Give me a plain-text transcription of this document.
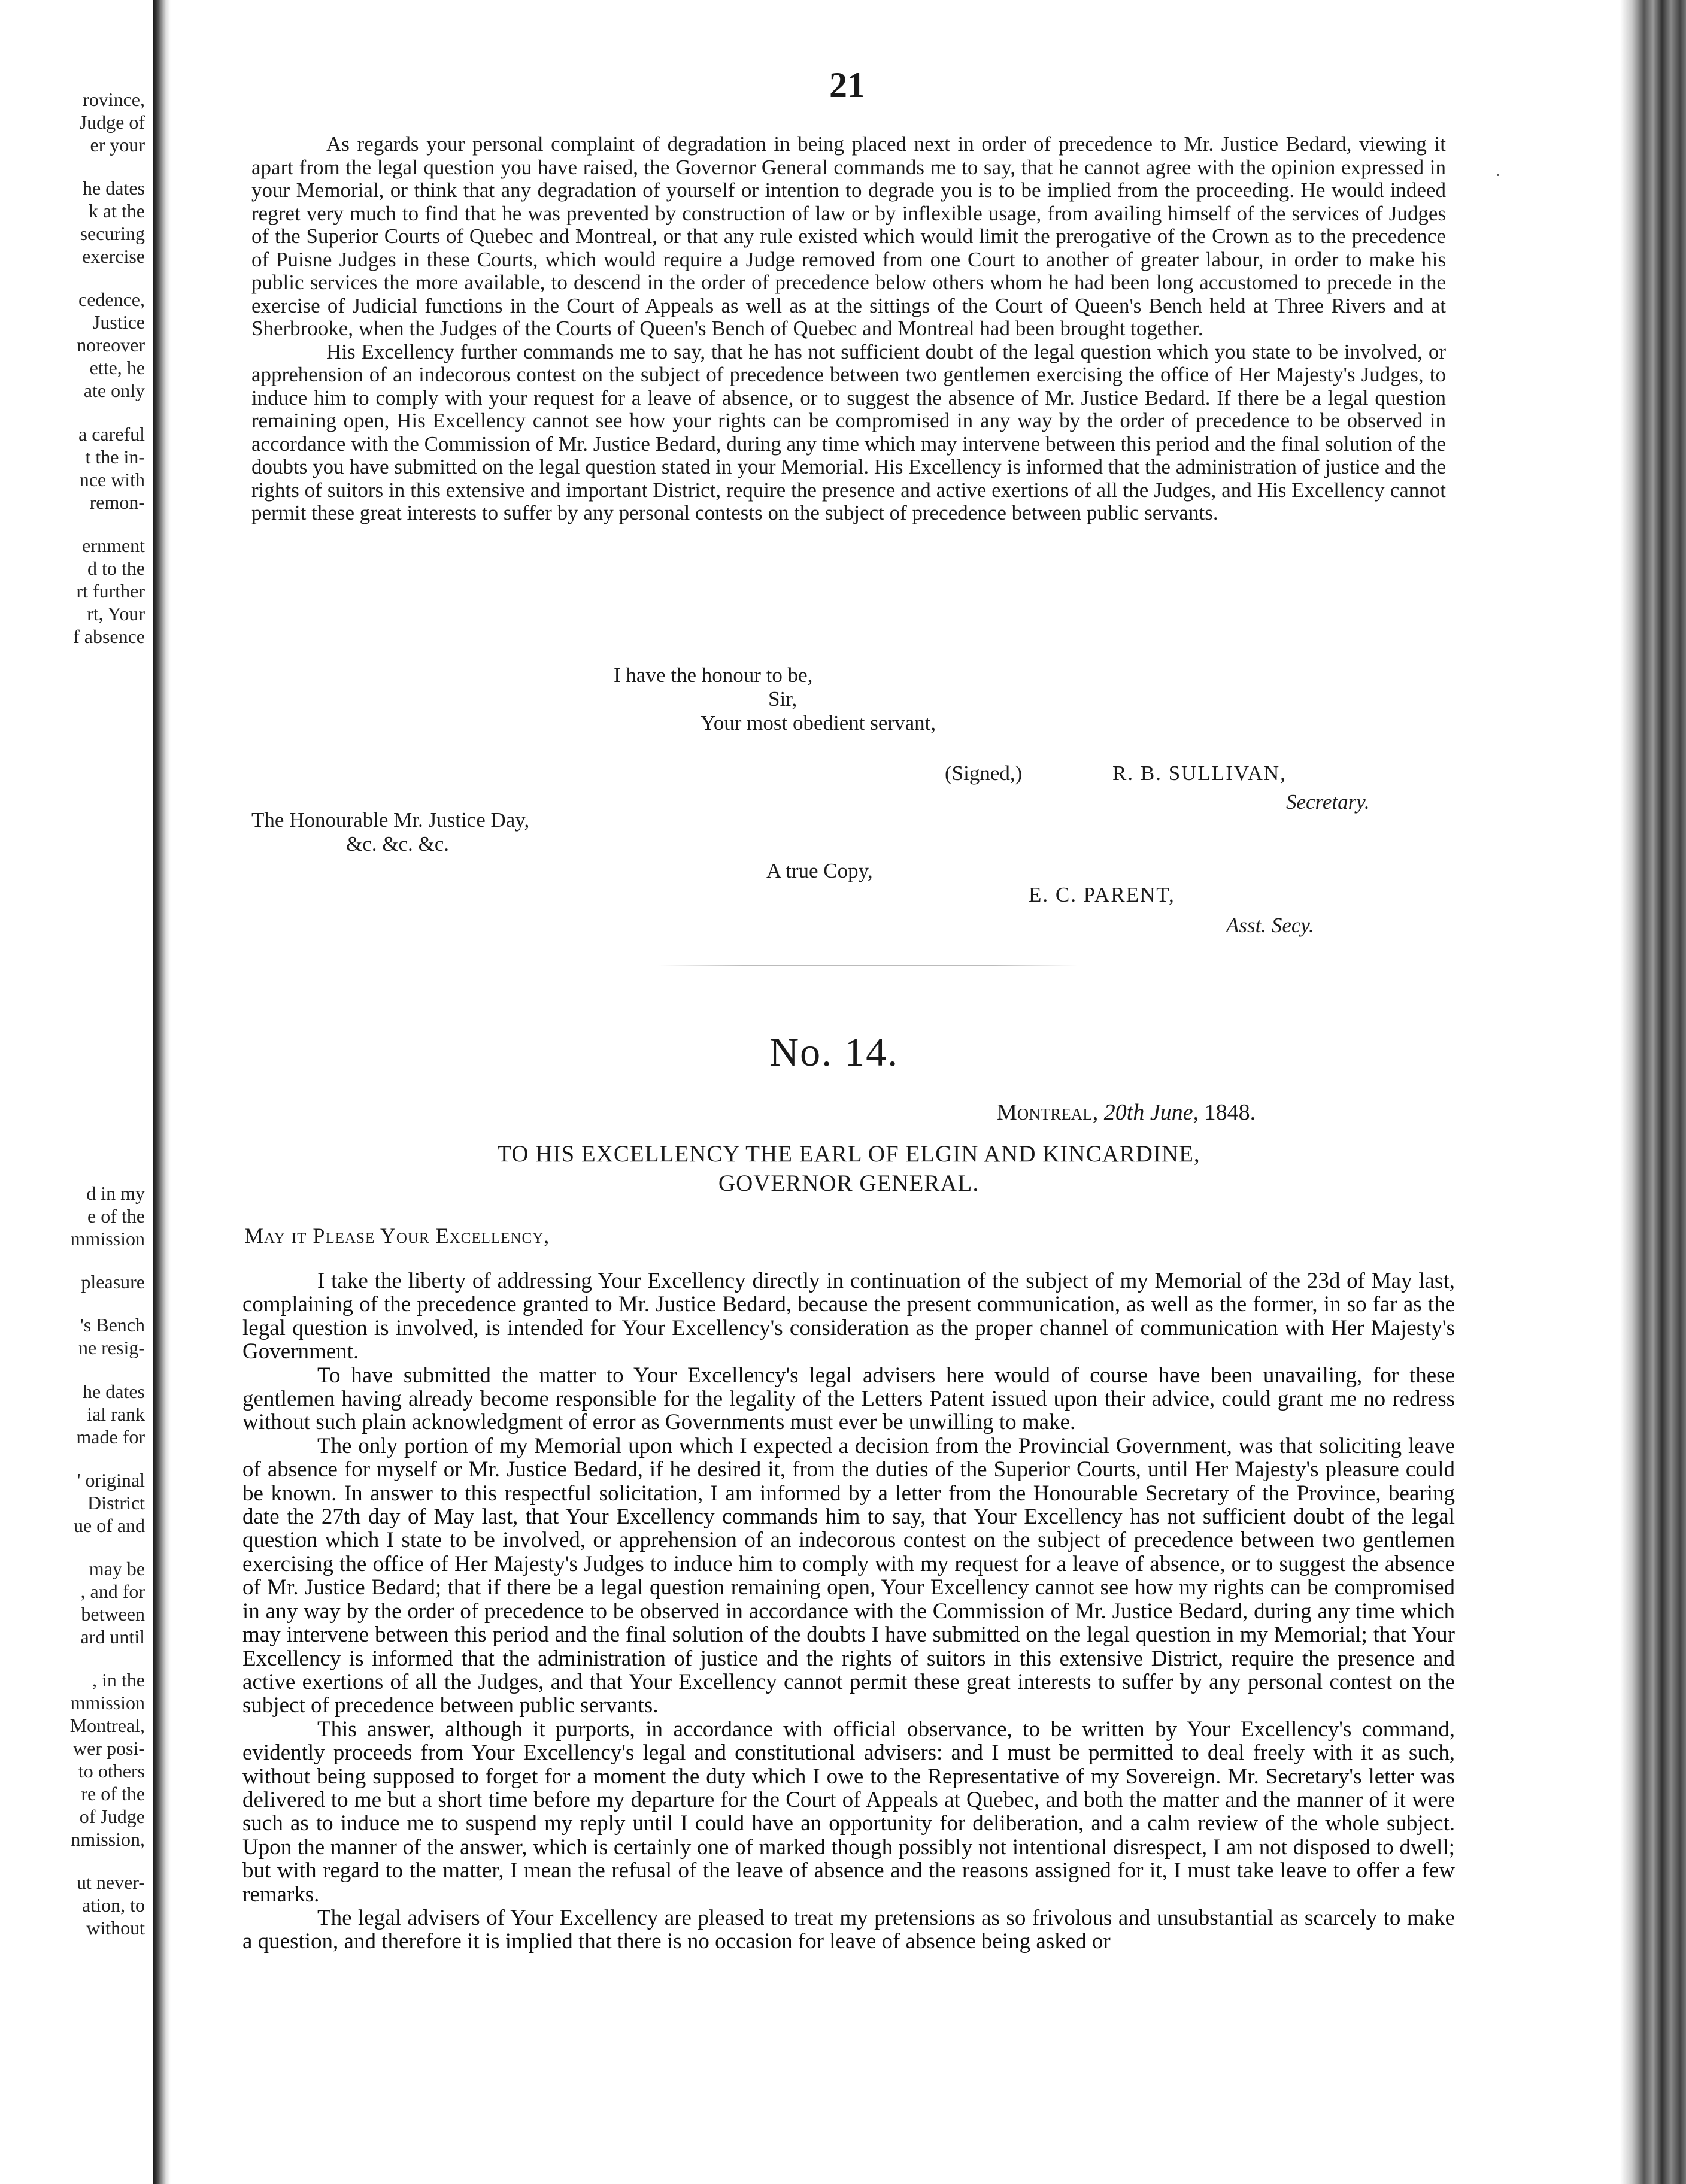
rovince,
Judge of
er your
he dates
k at the
securing
exercise
cedence,
Justice
noreover
ette, he
ate only
a careful
t the in-
nce with
remon-
ernment
d to the
rt further
rt, Your
f absence
d in my
e of the
mmission
pleasure
's Bench
ne resig-
he dates
ial rank
made for
' original
District
ue of and
may be
, and for
between
ard until
, in the
mmission
Montreal,
wer posi-
to others
re of the
of Judge
nmission,
ut never-
ation, to
without
21

As regards your personal complaint of degradation in being placed next in order of precedence to Mr. Justice Bedard, viewing it apart from the legal question you have raised, the Governor General commands me to say, that he cannot agree with the opinion expressed in your Memorial, or think that any degradation of yourself or intention to degrade you is to be implied from the proceeding. He would indeed regret very much to find that he was prevented by construction of law or by inflexible usage, from availing himself of the services of Judges of the Superior Courts of Quebec and Montreal, or that any rule existed which would limit the prerogative of the Crown as to the precedence of Puisne Judges in these Courts, which would require a Judge removed from one Court to another of greater labour, in order to make his public services the more available, to descend in the order of precedence below others whom he had been long accustomed to precede in the exercise of Judicial functions in the Court of Appeals as well as at the sittings of the Court of Queen's Bench held at Three Rivers and at Sherbrooke, when the Judges of the Courts of Queen's Bench of Quebec and Montreal had been brought together.

His Excellency further commands me to say, that he has not sufficient doubt of the legal question which you state to be involved, or apprehension of an indecorous contest on the subject of precedence between two gentlemen exercising the office of Her Majesty's Judges, to induce him to comply with your request for a leave of absence, or to suggest the absence of Mr. Justice Bedard. If there be a legal question remaining open, His Excellency cannot see how your rights can be compromised in any way by the order of precedence to be observed in accordance with the Commission of Mr. Justice Bedard, during any time which may intervene between this period and the final solution of the doubts you have submitted on the legal question stated in your Memorial. His Excellency is informed that the administration of justice and the rights of suitors in this extensive and important District, require the presence and active exertions of all the Judges, and His Excellency cannot permit these great interests to suffer by any personal contests on the subject of precedence between public servants.

I have the honour to be,
Sir,
Your most obedient servant,
(Signed,)	R. B. SULLIVAN,
Secretary.
The Honourable Mr. Justice Day,
&c. &c. &c.
A true Copy,
E. C. PARENT,
Asst. Secy.
No. 14.
Montreal, 20th June, 1848.
TO HIS EXCELLENCY THE EARL OF ELGIN AND KINCARDINE,
GOVERNOR GENERAL.
May it Please Your Excellency,

I take the liberty of addressing Your Excellency directly in continuation of the subject of my Memorial of the 23d of May last, complaining of the precedence granted to Mr. Justice Bedard, because the present communication, as well as the former, in so far as the legal question is involved, is intended for Your Excellency's consideration as the proper channel of communication with Her Majesty's Government.

To have submitted the matter to Your Excellency's legal advisers here would of course have been unavailing, for these gentlemen having already become responsible for the legality of the Letters Patent issued upon their advice, could grant me no redress without such plain acknowledgment of error as Governments must ever be unwilling to make.

The only portion of my Memorial upon which I expected a decision from the Provincial Government, was that soliciting leave of absence for myself or Mr. Justice Bedard, if he desired it, from the duties of the Superior Courts, until Her Majesty's pleasure could be known. In answer to this respectful solicitation, I am informed by a letter from the Honourable Secretary of the Province, bearing date the 27th day of May last, that Your Excellency commands him to say, that Your Excellency has not sufficient doubt of the legal question which I state to be involved, or apprehension of an indecorous contest on the subject of precedence between two gentlemen exercising the office of Her Majesty's Judges to induce him to comply with my request for a leave of absence, or to suggest the absence of Mr. Justice Bedard; that if there be a legal question remaining open, Your Excellency cannot see how my rights can be compromised in any way by the order of precedence to be observed in accordance with the Commission of Mr. Justice Bedard, during any time which may intervene between this period and the final solution of the doubts I have submitted on the legal question in my Memorial; that Your Excellency is informed that the administration of justice and the rights of suitors in this extensive District, require the presence and active exertions of all the Judges, and that Your Excellency cannot permit these great interests to suffer by any personal contest on the subject of precedence between public servants.

This answer, although it purports, in accordance with official observance, to be written by Your Excellency's command, evidently proceeds from Your Excellency's legal and constitutional advisers: and I must be permitted to deal freely with it as such, without being supposed to forget for a moment the duty which I owe to the Representative of my Sovereign. Mr. Secretary's letter was delivered to me but a short time before my departure for the Court of Appeals at Quebec, and both the matter and the manner of it were such as to induce me to suspend my reply until I could have an opportunity for deliberation, and a calm review of the whole subject. Upon the manner of the answer, which is certainly one of marked though possibly not intentional disrespect, I am not disposed to dwell; but with regard to the matter, I mean the refusal of the leave of absence and the reasons assigned for it, I must take leave to offer a few remarks.

The legal advisers of Your Excellency are pleased to treat my pretensions as so frivolous and unsubstantial as scarcely to make a question, and therefore it is implied that there is no occasion for leave of absence being asked or
